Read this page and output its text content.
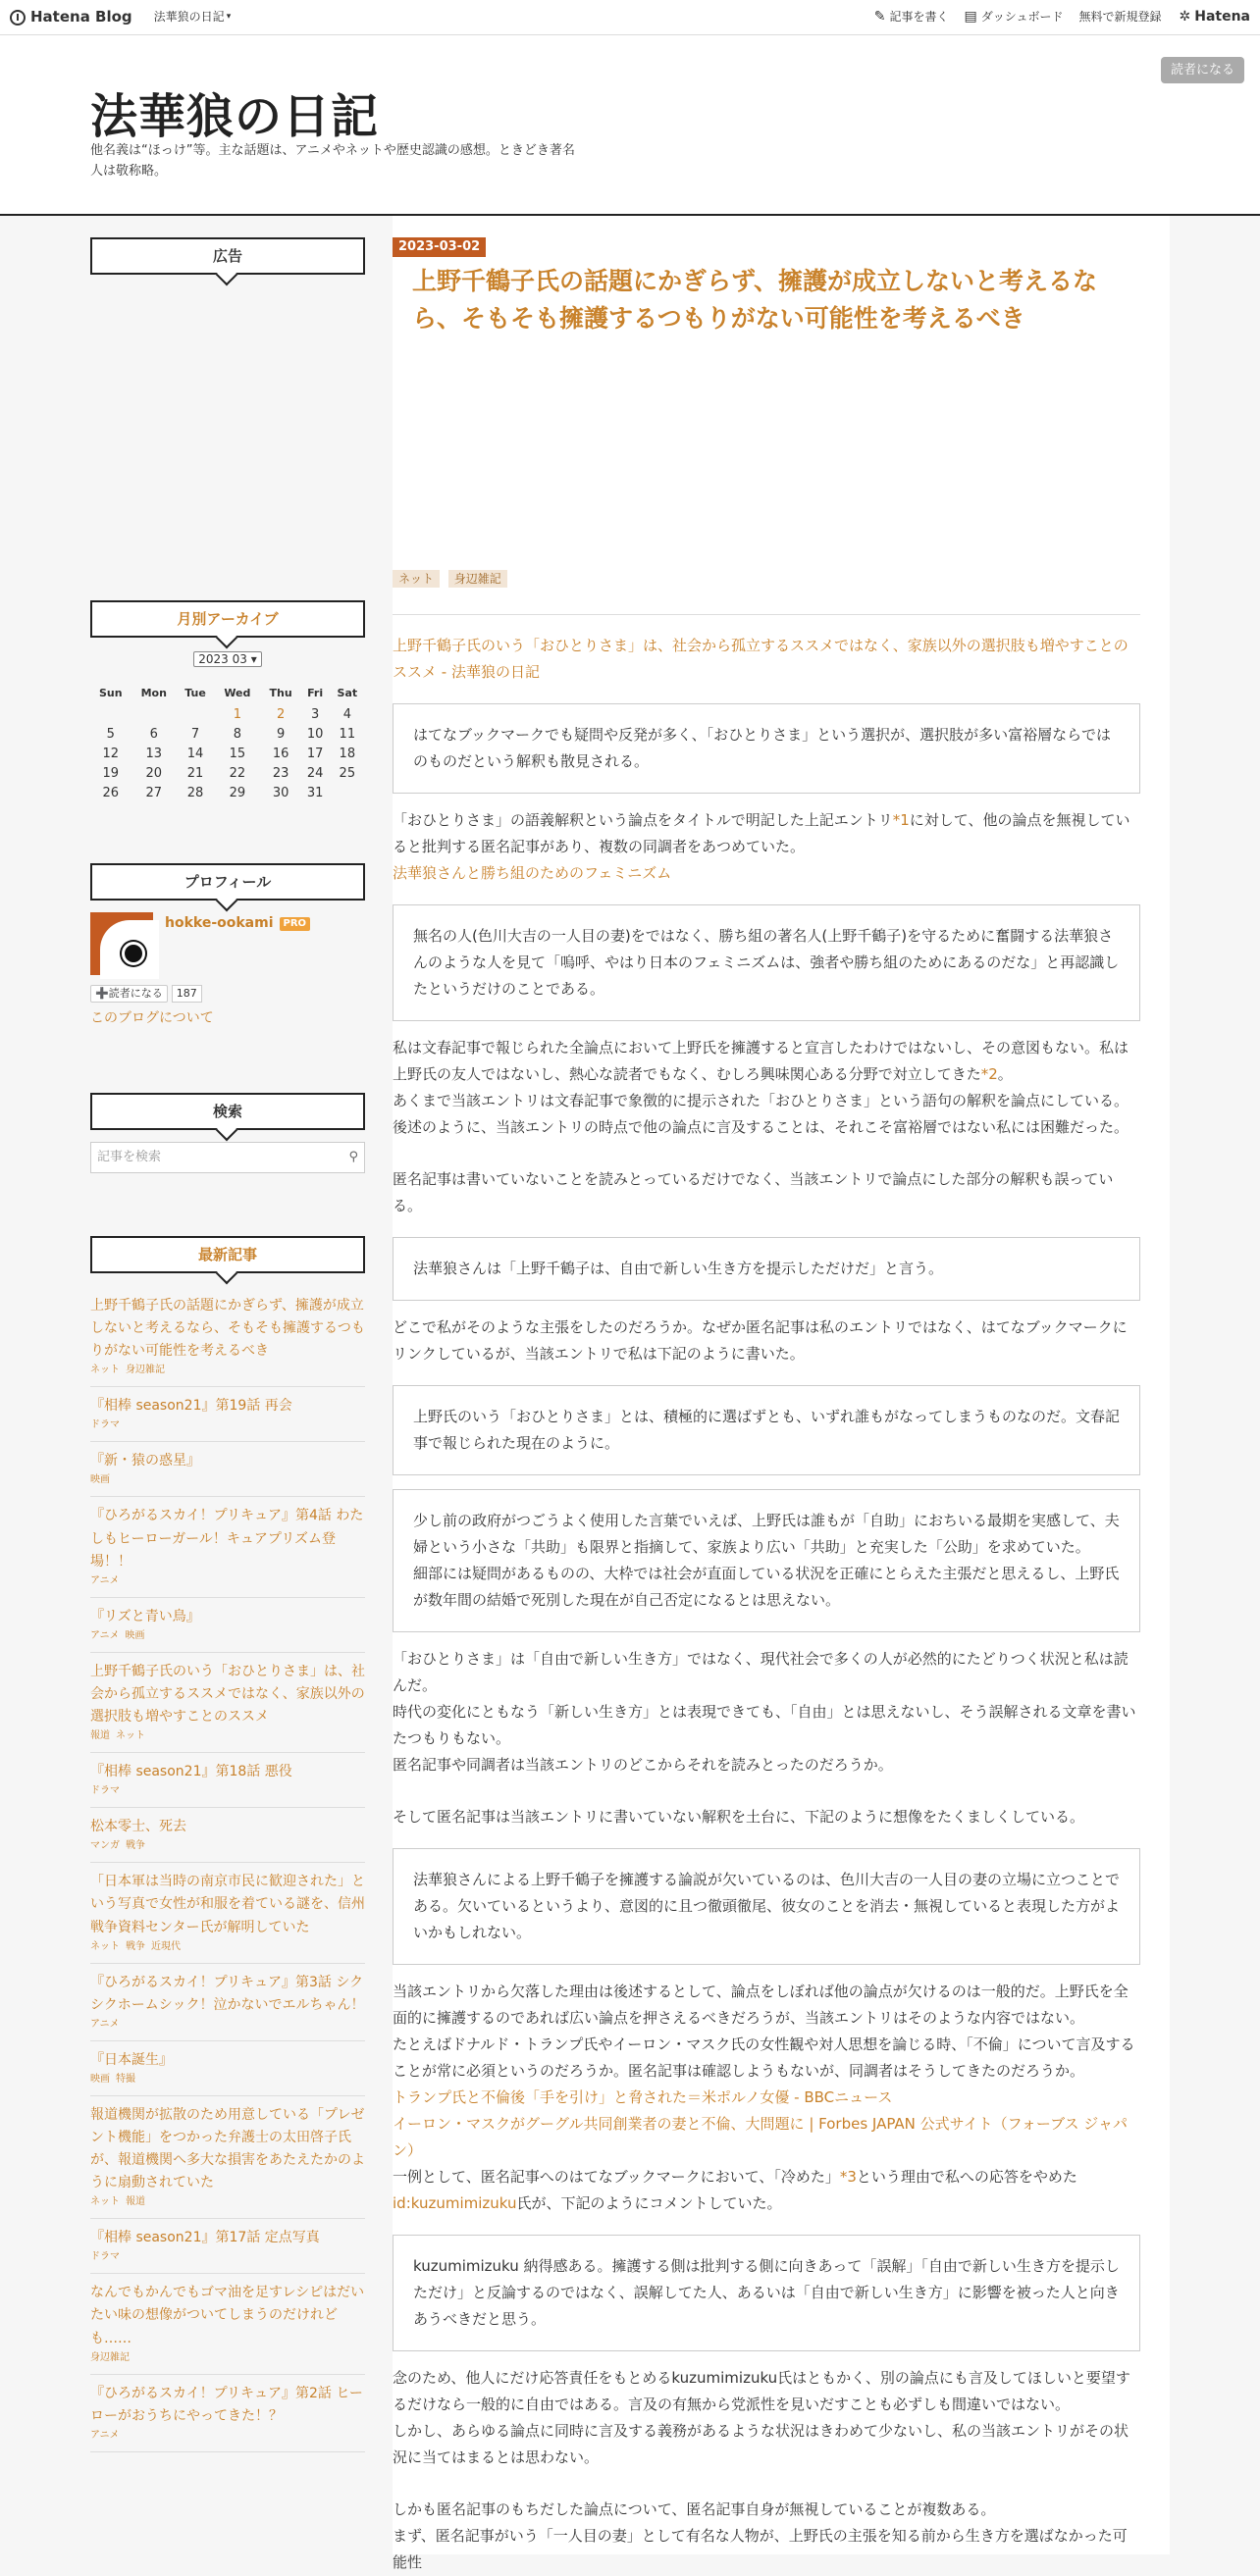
Hatena Blog 法華狼の日記 ▾	✎ 記事を書く ▤ ダッシュボード 無料で新規登録 ✲ Hatena
法華狼の日記
他名義は“ほっけ”等。主な話題は、アニメやネットや歴史認識の感想。ときどき著名人は敬称略。
読者になる
広告
月別アーカイブ
2023 03 ▾
Sun	Mon	Tue	Wed	Thu	Fri	Sat
			1	2	3	4
5	6	7	8	9	10	11
12	13	14	15	16	17	18
19	20	21	22	23	24	25
26	27	28	29	30	31	
プロフィール
hokke-ookami	PRO
➕読者になる	187
このブログについて
検索
記事を検索	⚲
最新記事
上野千鶴子氏の話題にかぎらず、擁護が成立しないと考えるなら、そもそも擁護するつもりがない可能性を考えるべき
ネット 身辺雑記
『相棒 season21』第19話 再会
ドラマ
『新・猿の惑星』
映画
『ひろがるスカイ！プリキュア』第4話 わたしもヒーローガール！キュアプリズム登場！！
アニメ
『リズと青い鳥』
アニメ 映画
上野千鶴子氏のいう「おひとりさま」は、社会から孤立するススメではなく、家族以外の選択肢も増やすことのススメ
報道 ネット
『相棒 season21』第18話 悪役
ドラマ
松本零士、死去
マンガ 戦争
「日本軍は当時の南京市民に歓迎された」という写真で女性が和服を着ている謎を、信州戦争資料センター氏が解明していた
ネット 戦争 近現代
『ひろがるスカイ！プリキュア』第3話 シクシクホームシック！泣かないでエルちゃん！
アニメ
『日本誕生』
映画 特撮
報道機関が拡散のため用意している「プレゼント機能」をつかった弁護士の太田啓子氏が、報道機関へ多大な損害をあたえたかのように扇動されていた
ネット 報道
『相棒 season21』第17話 定点写真
ドラマ
なんでもかんでもゴマ油を足すレシピはだいたい味の想像がついてしまうのだけれども……
身辺雑記
『ひろがるスカイ！プリキュア』第2話 ヒーローがおうちにやってきた！？
アニメ
2023-03-02
上野千鶴子氏の話題にかぎらず、擁護が成立しないと考えるなら、そもそも擁護するつもりがない可能性を考えるべき
ネット 身辺雑記

上野千鶴子氏のいう「おひとりさま」は、社会から孤立するススメではなく、家族以外の選択肢も増やすことのススメ - 法華狼の日記

はてなブックマークでも疑問や反発が多く、「おひとりさま」という選択が、選択肢が多い富裕層ならではのものだという解釈も散見される。

「おひとりさま」の語義解釈という論点をタイトルで明記した上記エントリ*1に対して、他の論点を無視していると批判する匿名記事があり、複数の同調者をあつめていた。

法華狼さんと勝ち組のためのフェミニズム

無名の人(色川大吉の一人目の妻)をではなく、勝ち組の著名人(上野千鶴子)を守るために奮闘する法華狼さんのような人を見て「嗚呼、やはり日本のフェミニズムは、強者や勝ち組のためにあるのだな」と再認識したというだけのことである。

私は文春記事で報じられた全論点において上野氏を擁護すると宣言したわけではないし、その意図もない。私は上野氏の友人ではないし、熱心な読者でもなく、むしろ興味関心ある分野で対立してきた*2。

あくまで当該エントリは文春記事で象徴的に提示された「おひとりさま」という語句の解釈を論点にしている。

後述のように、当該エントリの時点で他の論点に言及することは、それこそ富裕層ではない私には困難だった。

匿名記事は書いていないことを読みとっているだけでなく、当該エントリで論点にした部分の解釈も誤っている。

法華狼さんは「上野千鶴子は、自由で新しい生き方を提示しただけだ」と言う。

どこで私がそのような主張をしたのだろうか。なぜか匿名記事は私のエントリではなく、はてなブックマークにリンクしているが、当該エントリで私は下記のように書いた。

上野氏のいう「おひとりさま」とは、積極的に選ばずとも、いずれ誰もがなってしまうものなのだ。文春記事で報じられた現在のように。

少し前の政府がつごうよく使用した言葉でいえば、上野氏は誰もが「自助」におちいる最期を実感して、夫婦という小さな「共助」も限界と指摘して、家族より広い「共助」と充実した「公助」を求めていた。

細部には疑問があるものの、大枠では社会が直面している状況を正確にとらえた主張だと思えるし、上野氏が数年間の結婚で死別した現在が自己否定になるとは思えない。

「おひとりさま」は「自由で新しい生き方」ではなく、現代社会で多くの人が必然的にたどりつく状況と私は読んだ。

時代の変化にともなう「新しい生き方」とは表現できても、「自由」とは思えないし、そう誤解される文章を書いたつもりもない。

匿名記事や同調者は当該エントリのどこからそれを読みとったのだろうか。

そして匿名記事は当該エントリに書いていない解釈を土台に、下記のように想像をたくましくしている。

法華狼さんによる上野千鶴子を擁護する論説が欠いているのは、色川大吉の一人目の妻の立場に立つことである。欠いているというより、意図的に且つ徹頭徹尾、彼女のことを消去・無視していると表現した方がよいかもしれない。

当該エントリから欠落した理由は後述するとして、論点をしぼれば他の論点が欠けるのは一般的だ。上野氏を全面的に擁護するのであれば広い論点を押さえるべきだろうが、当該エントリはそのような内容ではない。

たとえばドナルド・トランプ氏やイーロン・マスク氏の女性観や対人思想を論じる時、「不倫」について言及することが常に必須というのだろうか。匿名記事は確認しようもないが、同調者はそうしてきたのだろうか。

トランプ氏と不倫後「手を引け」と脅された＝米ポルノ女優 - BBCニュース

イーロン・マスクがグーグル共同創業者の妻と不倫、大問題に | Forbes JAPAN 公式サイト（フォーブス ジャパン）

一例として、匿名記事へのはてなブックマークにおいて、「冷めた」*3という理由で私への応答をやめたid:kuzumimizuku氏が、下記のようにコメントしていた。

kuzumimizuku 納得感ある。擁護する側は批判する側に向きあって「誤解」「自由で新しい生き方を提示しただけ」と反論するのではなく、誤解してた人、あるいは「自由で新しい生き方」に影響を被った人と向きあうべきだと思う。

念のため、他人にだけ応答責任をもとめるkuzumimizuku氏はともかく、別の論点にも言及してほしいと要望するだけなら一般的に自由ではある。言及の有無から党派性を見いだすことも必ずしも間違いではない。

しかし、あらゆる論点に同時に言及する義務があるような状況はきわめて少ないし、私の当該エントリがその状況に当てはまるとは思わない。

しかも匿名記事のもちだした論点について、匿名記事自身が無視していることが複数ある。

まず、匿名記事がいう「一人目の妻」として有名な人物が、上野氏の主張を知る前から生き方を選ばなかった可能性
